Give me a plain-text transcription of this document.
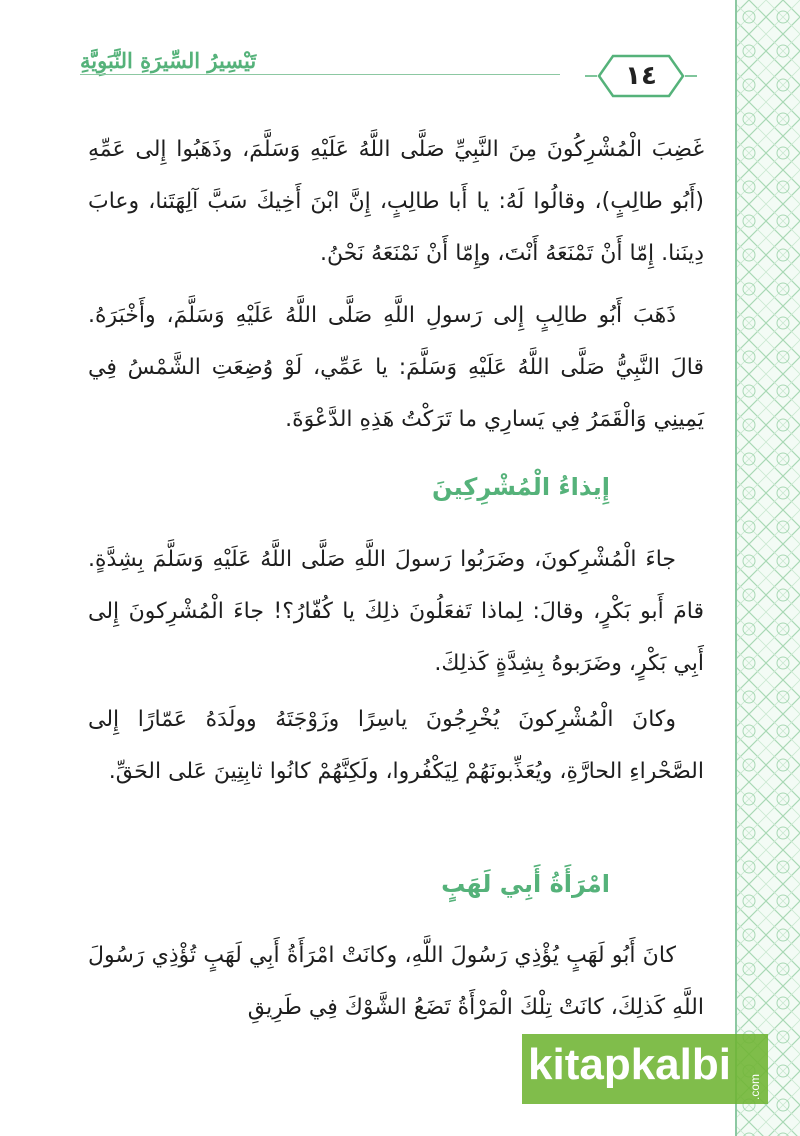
تَيْسِيرُ السِّيرَةِ النَّبَوِيَّةِ
١٤
غَضِبَ الْمُشْرِكُونَ مِنَ النَّبِيِّ صَلَّى اللَّهُ عَلَيْهِ وَسَلَّمَ، وذَهَبُوا إِلى عَمِّهِ (أَبُو طالِبٍ)، وقالُوا لَهُ: يا أَبا طالِبٍ، إِنَّ ابْنَ أَخِيكَ سَبَّ آلِهَتَنا، وعابَ دِينَنا. إِمّا أَنْ تَمْنَعَهُ أَنْتَ، وإِمّا أَنْ نَمْنَعَهُ نَحْنُ.
ذَهَبَ أَبُو طالِبٍ إِلى رَسولِ اللَّهِ صَلَّى اللَّهُ عَلَيْهِ وَسَلَّمَ، وأَخْبَرَهُ. قالَ النَّبِيُّ صَلَّى اللَّهُ عَلَيْهِ وَسَلَّمَ: يا عَمِّي، لَوْ وُضِعَتِ الشَّمْسُ فِي يَمِينِي وَالْقَمَرُ فِي يَسارِي ما تَرَكْتُ هَذِهِ الدَّعْوَةَ.
إِيذاءُ الْمُشْرِكِينَ
جاءَ الْمُشْرِكونَ، وضَرَبُوا رَسولَ اللَّهِ صَلَّى اللَّهُ عَلَيْهِ وَسَلَّمَ بِشِدَّةٍ. قامَ أَبو بَكْرٍ، وقالَ: لِماذا تَفعَلُونَ ذلِكَ يا كُفّارُ؟! جاءَ الْمُشْرِكونَ إِلى أَبِي بَكْرٍ، وضَرَبوهُ بِشِدَّةٍ كَذلِكَ.
وكانَ الْمُشْرِكونَ يُخْرِجُونَ ياسِرًا وزَوْجَتَهُ وولَدَهُ عَمّارًا إِلى الصَّحْراءِ الحارَّةِ، ويُعَذِّبونَهُمْ لِيَكْفُروا، ولَكِنَّهُمْ كانُوا ثابِتِينَ عَلى الحَقِّ.
امْرَأَةُ أَبِي لَهَبٍ
كانَ أَبُو لَهَبٍ يُؤْذِي رَسُولَ اللَّهِ، وكانَتْ امْرَأَةُ أَبِي لَهَبٍ تُؤْذِي رَسُولَ اللَّهِ كَذلِكَ، كانَتْ تِلْكَ الْمَرْأَةُ تَضَعُ الشَّوْكَ فِي طَرِيقِ
kitapkalbi	.com
